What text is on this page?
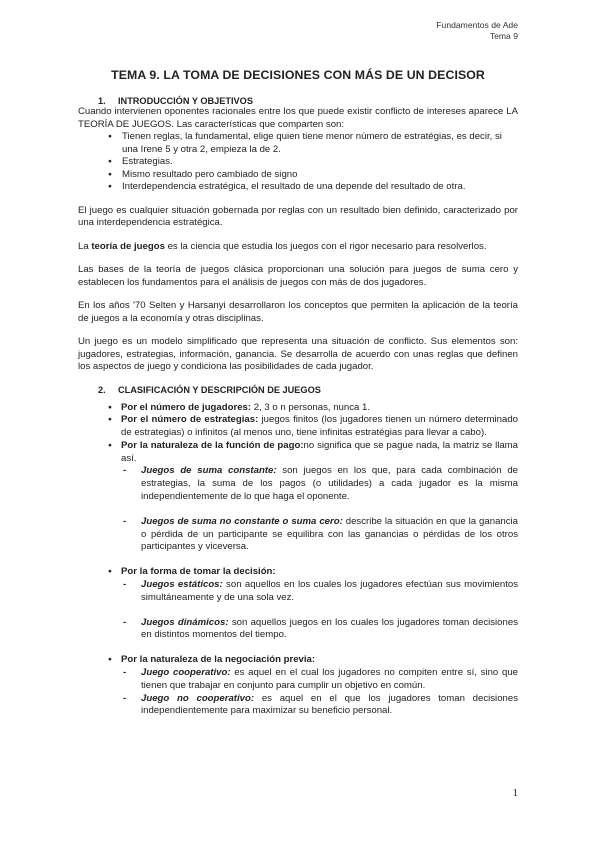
Fundamentos de Ade
Tema 9
TEMA 9. LA TOMA DE DECISIONES CON MÁS DE UN DECISOR
1. INTRODUCCIÓN Y OBJETIVOS

Cuando intervienen oponentes racionales entre los que puede existir conflicto de intereses aparece LA TEORÍA DE JUEGOS. Las características que comparten son:

● Tienen reglas, la fundamental, elige quien tiene menor número de estratégias, es decir, si una Irene 5 y otra 2, empieza la de 2.
● Estrategias.
● Mismo resultado pero cambiado de signo
● Interdependencia estratégica, el resultado de una depende del resultado de otra.

El juego es cualquier situación gobernada por reglas con un resultado bien definido, caracterizado por una interdependencia estratégica.

La teoría de juegos es la ciencia que estudia los juegos con el rigor necesario para resolverlos.

Las bases de la teoría de juegos clásica proporcionan una solución para juegos de suma cero y establecen los fundamentos para el análisis de juegos con más de dos jugadores.

En los años '70 Selten y Harsanyi desarrollaron los conceptos que permiten la aplicación de la teoría de juegos a la economía y otras disciplinas.

Un juego es un modelo simplificado que representa una situación de conflicto. Sus elementos son: jugadores, estrategias, información, ganancia. Se desarrolla de acuerdo con unas reglas que definen los aspectos de juego y condiciona las posibilidades de cada jugador.

2. CLASIFICACIÓN Y DESCRIPCIÓN DE JUEGOS
● Por el número de jugadores: 2, 3 o n personas, nunca 1.
● Por el número de estrategias: juegos finitos (los jugadores tienen un número determinado de estrategias) o infinitos (al menos uno, tiene infinitas estratégias para llevar a cabo).
● Por la naturaleza de la función de pago:no significa que se pague nada, la matriz se llama así.
- Juegos de suma constante: son juegos en los que, para cada combinación de estrategias, la suma de los pagos (o utilidades) a cada jugador es la misma independientemente de lo que haga el oponente.
- Juegos de suma no constante o suma cero: describe la situación en que la ganancia o pérdida de un participante se equilibra con las ganancias o pérdidas de los otros participantes y viceversa.
● Por la forma de tomar la decisión:
- Juegos estáticos: son aquellos en los cuales los jugadores efectúan sus movimientos simultáneamente y de una sola vez.
- Juegos dinámicos: son aquellos juegos en los cuales los jugadores toman decisiones en distintos momentos del tiempo.
● Por la naturaleza de la negociación previa:
- Juego cooperativo: es aquel en el cual los jugadores no compiten entre sí, sino que tienen que trabajar en conjunto para cumplir un objetivo en común.
- Juego no cooperativo: es aquel en el que los jugadores toman decisiones independientemente para maximizar su beneficio personal.
1
